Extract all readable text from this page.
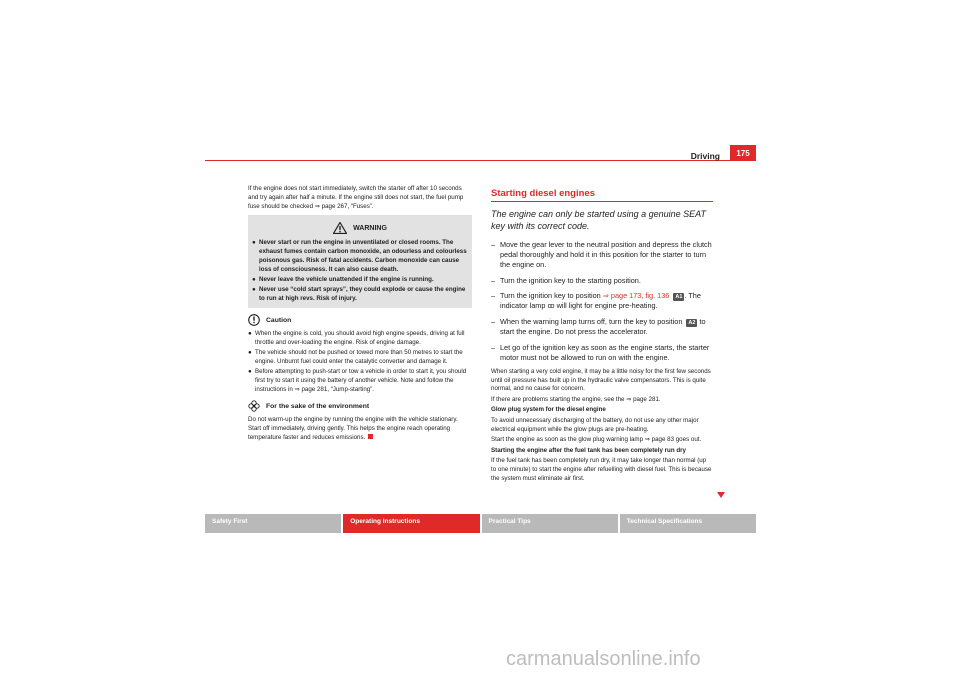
Driving	175

If the engine does not start immediately, switch the starter off after 10 seconds and try again after half a minute. If the engine still does not start, the fuel pump fuse should be checked ⇒ page 267, “Fuses”.

WARNING
● Never start or run the engine in unventilated or closed rooms. The exhaust fumes contain carbon monoxide, an odourless and colourless poisonous gas. Risk of fatal accidents. Carbon monoxide can cause loss of consciousness. It can also cause death.
● Never leave the vehicle unattended if the engine is running.
● Never use “cold start sprays”, they could explode or cause the engine to run at high revs. Risk of injury.
Caution
● When the engine is cold, you should avoid high engine speeds, driving at full throttle and over-loading the engine. Risk of engine damage.
● The vehicle should not be pushed or towed more than 50 metres to start the engine. Unburnt fuel could enter the catalytic converter and damage it.
● Before attempting to push-start or tow a vehicle in order to start it, you should first try to start it using the battery of another vehicle. Note and follow the instructions in ⇒ page 281, “Jump-starting”.
For the sake of the environment

Do not warm-up the engine by running the engine with the vehicle stationary. Start off immediately, driving gently. This helps the engine reach operating temperature faster and reduces emissions.

Starting diesel engines
The engine can only be started using a genuine SEAT key with its correct code.
– Move the gear lever to the neutral position and depress the clutch pedal thoroughly and hold it in this position for the starter to turn the engine on.
– Turn the ignition key to the starting position.
– Turn the ignition key to position ⇒ page 173, fig. 136 A1 . The indicator lamp ꝏ will light for engine pre-heating.
– When the warning lamp turns off, turn the key to position A2 to start the engine. Do not press the accelerator.
– Let go of the ignition key as soon as the engine starts, the starter motor must not be allowed to run on with the engine.

When starting a very cold engine, it may be a little noisy for the first few seconds until oil pressure has built up in the hydraulic valve compensators. This is quite normal, and no cause for concern.

If there are problems starting the engine, see the ⇒ page 281.

Glow plug system for the diesel engine

To avoid unnecessary discharging of the battery, do not use any other major electrical equipment while the glow plugs are pre-heating.

Start the engine as soon as the glow plug warning lamp ⇒ page 83 goes out.

Starting the engine after the fuel tank has been completely run dry

If the fuel tank has been completely run dry, it may take longer than normal (up to one minute) to start the engine after refuelling with diesel fuel. This is because the system must eliminate air first.

Safety First	Operating Instructions	Practical Tips	Technical Specifications
carmanualsonline.info
